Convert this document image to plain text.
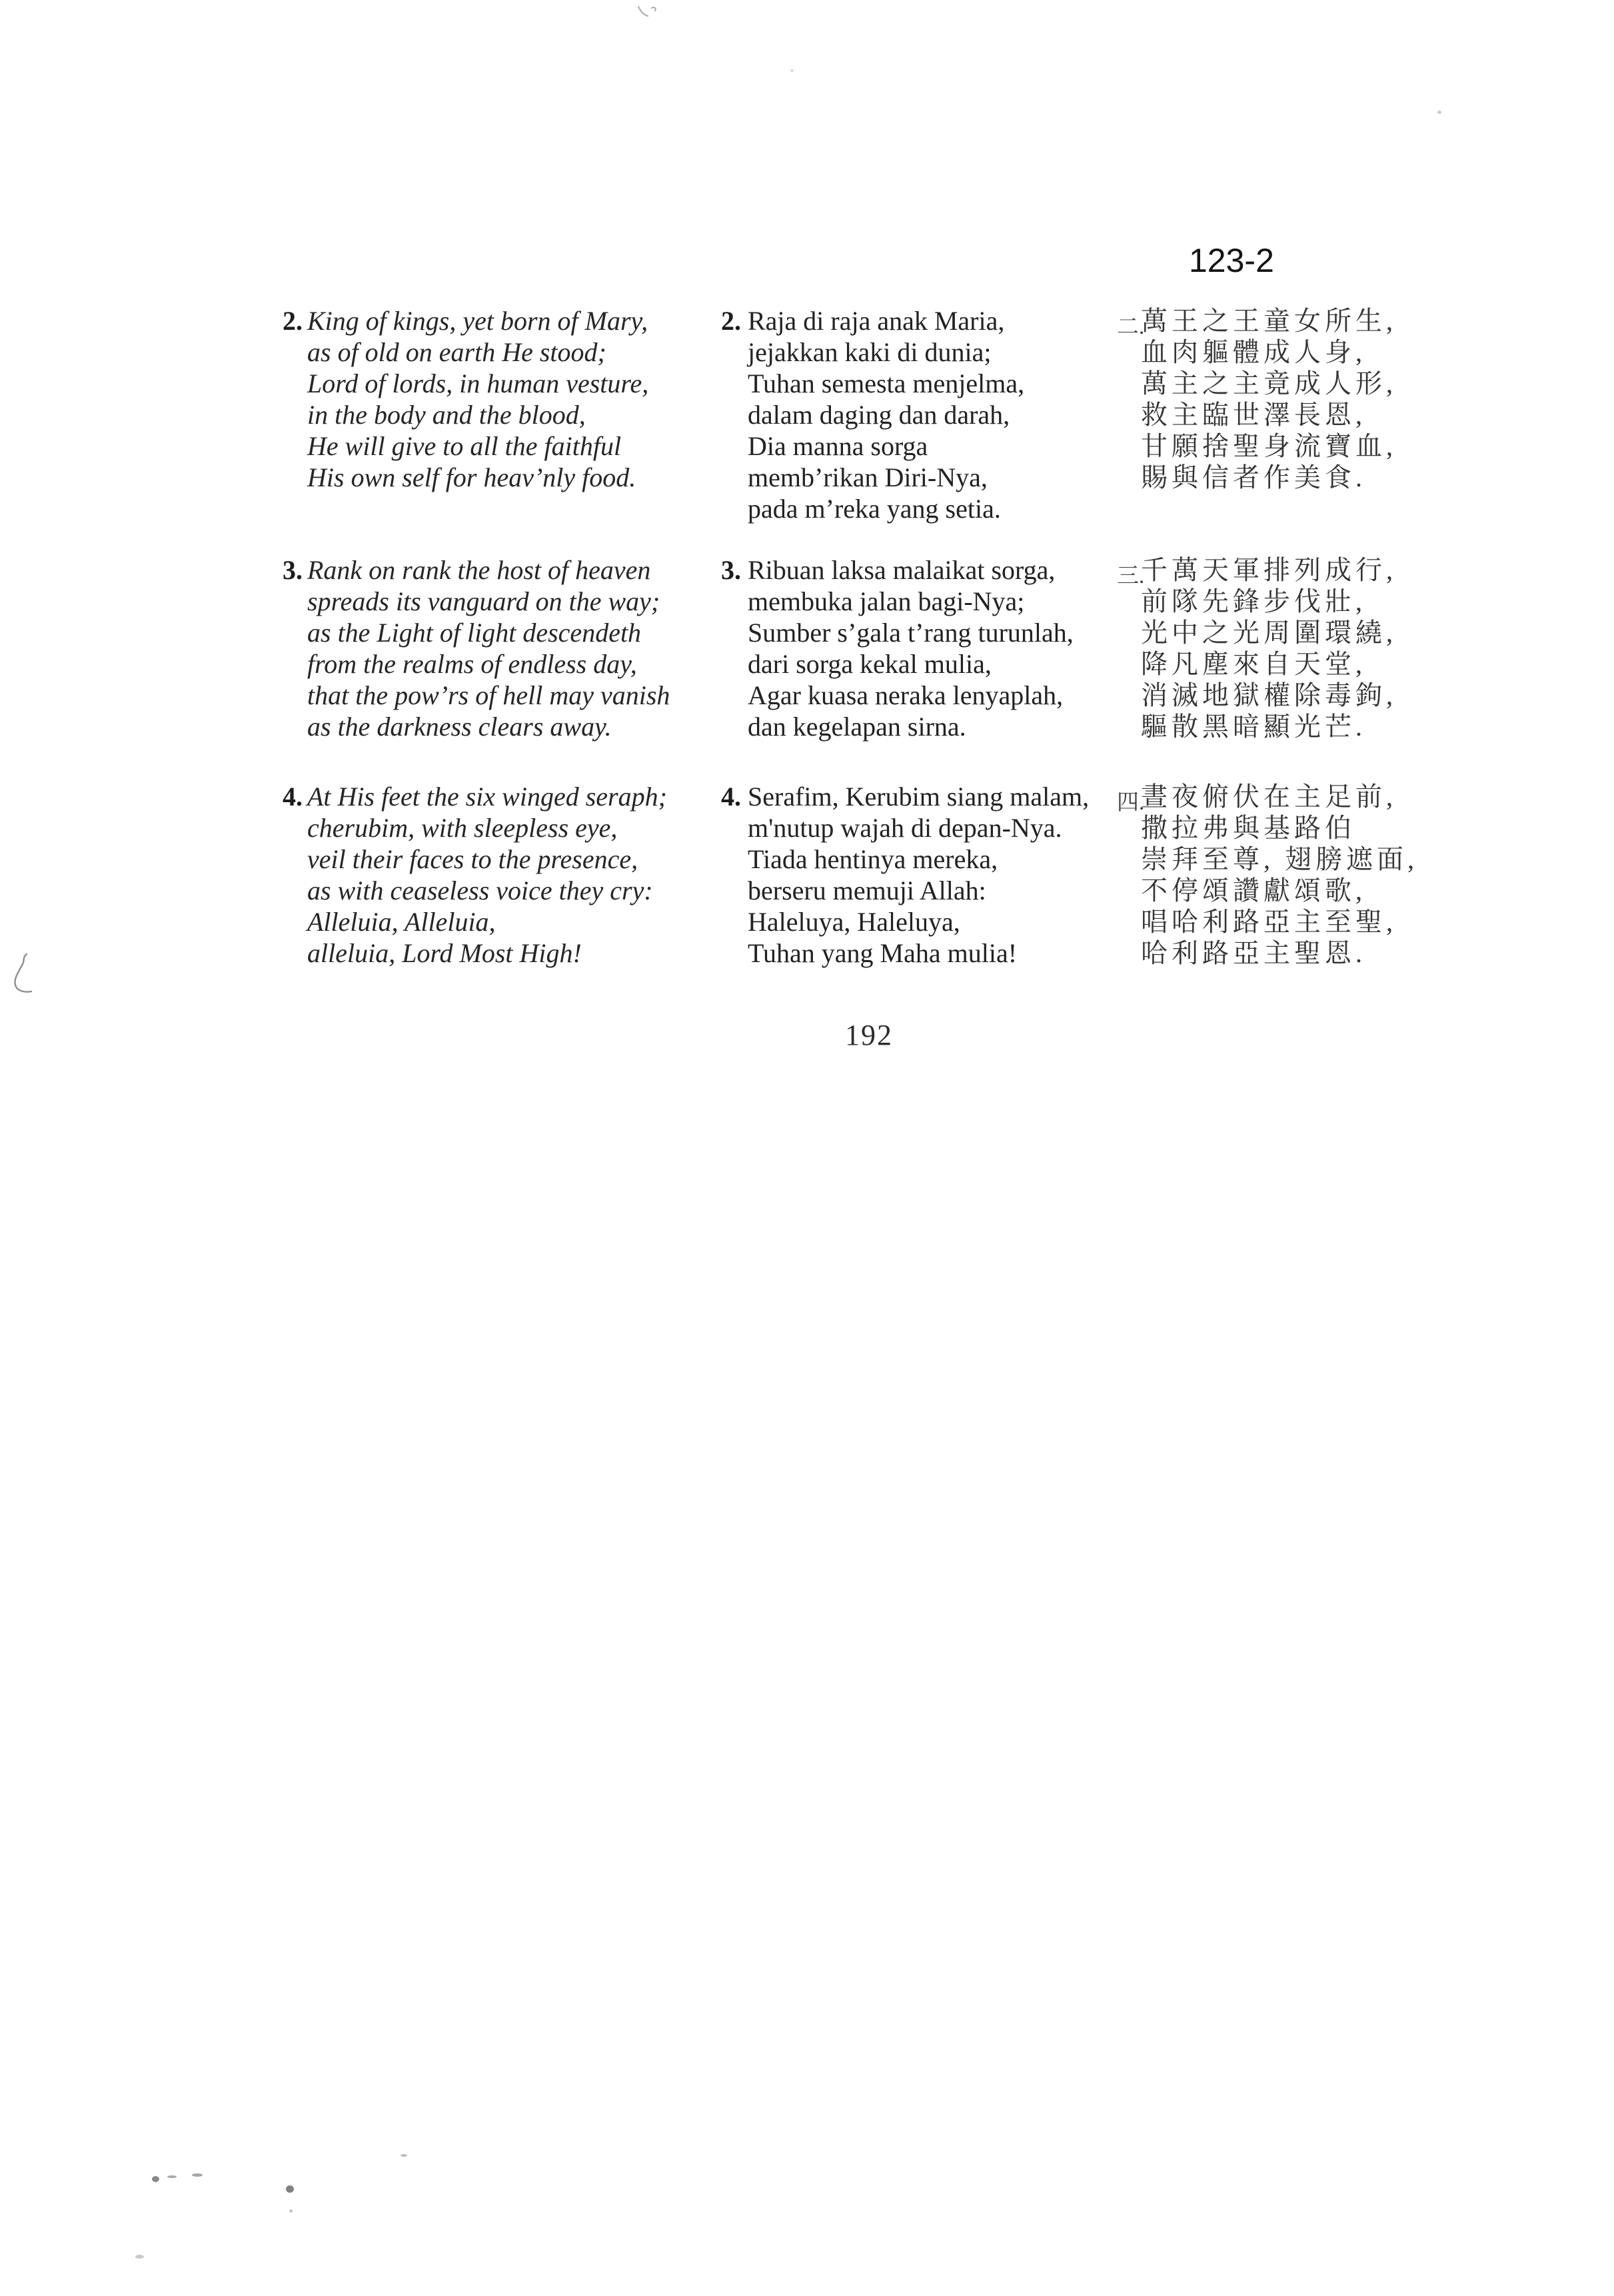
123-2
2. King of kings, yet born of Mary,
as of old on earth He stood;
Lord of lords, in human vesture,
in the body and the blood,
He will give to all the faithful
His own self for heav’nly food.
2. Raja di raja anak Maria,
jejakkan kaki di dunia;
Tuhan semesta menjelma,
dalam daging dan darah,
Dia manna sorga
memb’rikan Diri-Nya,
pada m’reka yang setia.
二.
萬王之王童女所生,
血肉軀體成人身,
萬主之主竟成人形,
救主臨世澤長恩,
甘願捨聖身流寶血,
賜與信者作美食.
3. Rank on rank the host of heaven
spreads its vanguard on the way;
as the Light of light descendeth
from the realms of endless day,
that the pow’rs of hell may vanish
as the darkness clears away.
3. Ribuan laksa malaikat sorga,
membuka jalan bagi-Nya;
Sumber s’gala t’rang turunlah,
dari sorga kekal mulia,
Agar kuasa neraka lenyaplah,
dan kegelapan sirna.
三.
千萬天軍排列成行,
前隊先鋒步伐壯,
光中之光周圍環繞,
降凡塵來自天堂,
消滅地獄權除毒鉤,
驅散黑暗顯光芒.
4. At His feet the six winged seraph;
cherubim, with sleepless eye,
veil their faces to the presence,
as with ceaseless voice they cry:
Alleluia, Alleluia,
alleluia, Lord Most High!
4. Serafim, Kerubim siang malam,
m'nutup wajah di depan-Nya.
Tiada hentinya mereka,
berseru memuji Allah:
Haleluya, Haleluya,
Tuhan yang Maha mulia!
四.
晝夜俯伏在主足前,
撒拉弗與基路伯
崇拜至尊, 翅膀遮面,
不停頌讚獻頌歌,
唱哈利路亞主至聖,
哈利路亞主聖恩.
192
